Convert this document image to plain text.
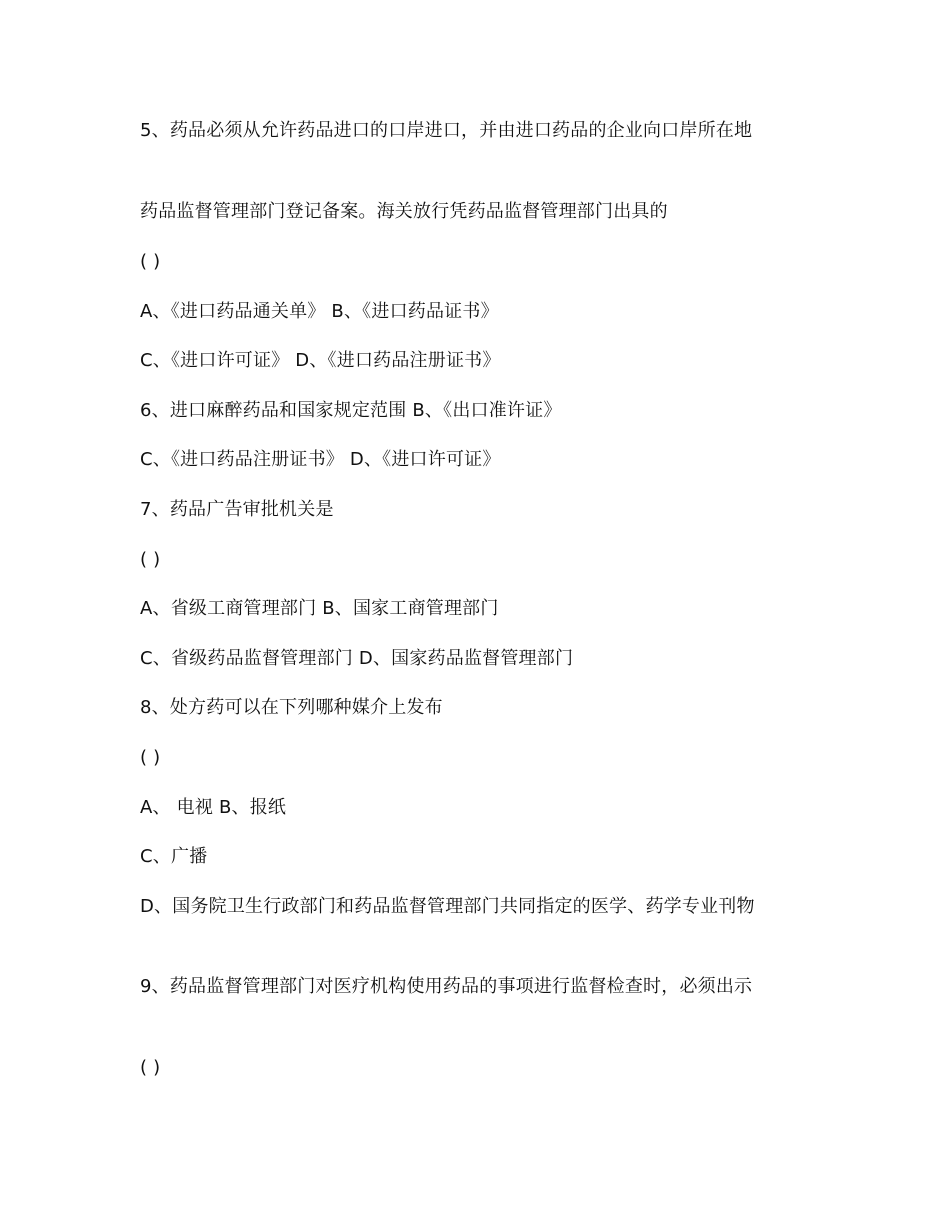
5、药品必须从允许药品进口的口岸进口，并由进口药品的企业向口岸所在地
药品监督管理部门登记备案。海关放行凭药品监督管理部门出具的
( )
A、《进口药品通关单》 B、《进口药品证书》
C、《进口许可证》 D、《进口药品注册证书》
6、进口麻醉药品和国家规定范围 B、《出口准许证》
C、《进口药品注册证书》 D、《进口许可证》
7、药品广告审批机关是
( )
A、省级工商管理部门 B、国家工商管理部门
C、省级药品监督管理部门 D、国家药品监督管理部门
8、处方药可以在下列哪种媒介上发布
( )
A、 电视 B、报纸
C、广播
D、国务院卫生行政部门和药品监督管理部门共同指定的医学、药学专业刊物
9、药品监督管理部门对医疗机构使用药品的事项进行监督检查时，必须出示
( )
